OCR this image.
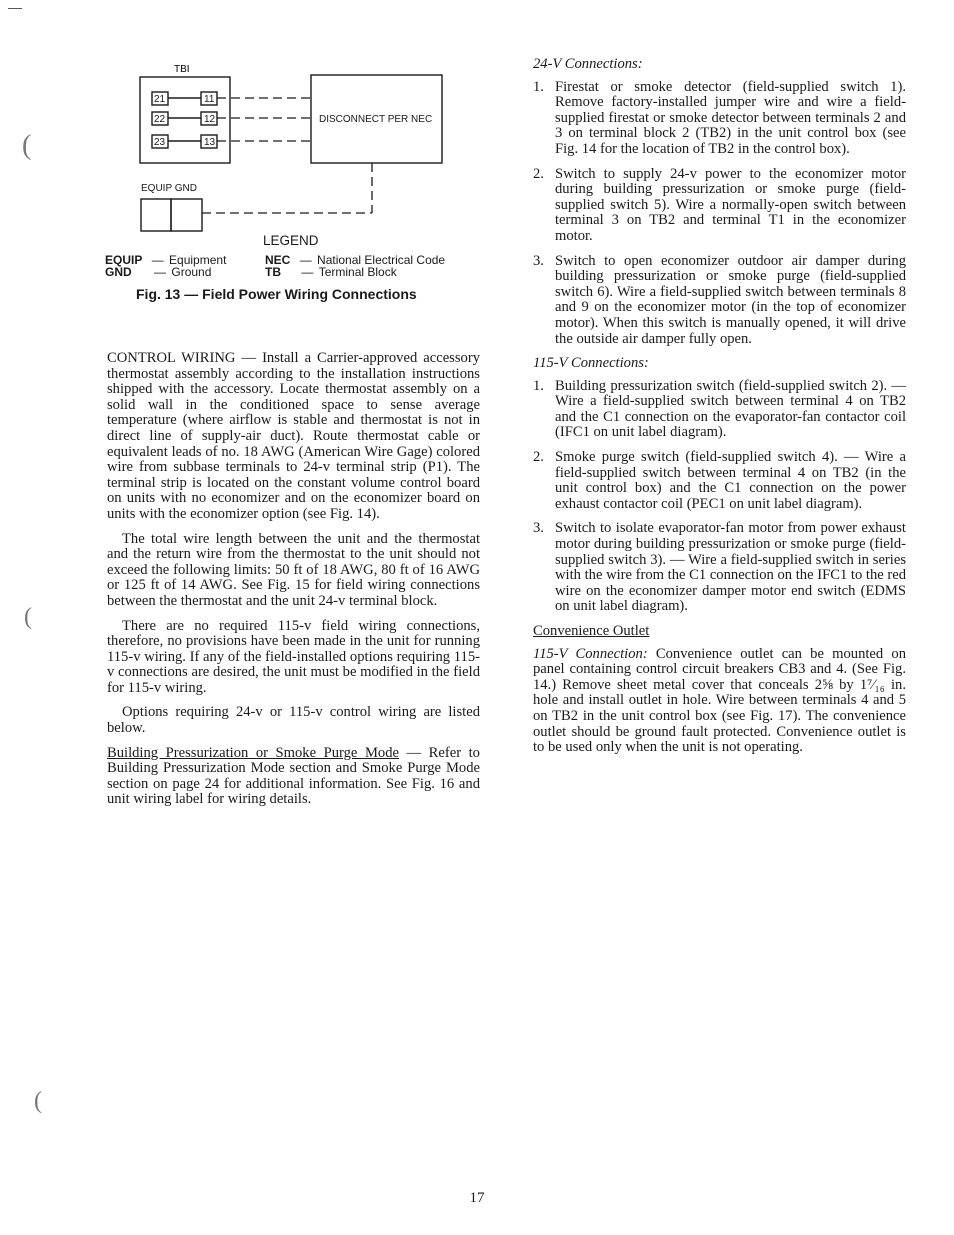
TBI
21
22
23
11
12
13
DISCONNECT PER NEC
EQUIP GND
LEGEND
EQUIP — Equipment
GND — Ground
NEC — National Electrical Code
TB — Terminal Block
Fig. 13 — Field Power Wiring Connections

CONTROL WIRING — Install a Carrier-approved accessory thermostat assembly according to the installation instructions shipped with the accessory. Locate thermostat assembly on a solid wall in the conditioned space to sense average temperature (where airflow is stable and thermostat is not in direct line of supply-air duct). Route thermostat cable or equivalent leads of no. 18 AWG (American Wire Gage) colored wire from subbase terminals to 24-v terminal strip (P1). The terminal strip is located on the constant volume control board on units with no economizer and on the economizer board on units with the economizer option (see Fig. 14).

The total wire length between the unit and the thermostat and the return wire from the thermostat to the unit should not exceed the following limits: 50 ft of 18 AWG, 80 ft of 16 AWG or 125 ft of 14 AWG. See Fig. 15 for field wiring connections between the thermostat and the unit 24-v terminal block.

There are no required 115-v field wiring connections, therefore, no provisions have been made in the unit for running 115-v wiring. If any of the field-installed options requiring 115-v connections are desired, the unit must be modified in the field for 115-v wiring.

Options requiring 24-v or 115-v control wiring are listed below.

Building Pressurization or Smoke Purge Mode — Refer to Building Pressurization Mode section and Smoke Purge Mode section on page 24 for additional information. See Fig. 16 and unit wiring label for wiring details.

24-V Connections:

1. Firestat or smoke detector (field-supplied switch 1). Remove factory-installed jumper wire and wire a field-supplied firestat or smoke detector between terminals 2 and 3 on terminal block 2 (TB2) in the unit control box (see Fig. 14 for the location of TB2 in the control box).
2. Switch to supply 24-v power to the economizer motor during building pressurization or smoke purge (field-supplied switch 5). Wire a normally-open switch between terminal 3 on TB2 and terminal T1 in the economizer motor.
3. Switch to open economizer outdoor air damper during building pressurization or smoke purge (field-supplied switch 6). Wire a field-supplied switch between terminals 8 and 9 on the economizer motor (in the top of economizer motor). When this switch is manually opened, it will drive the outside air damper fully open.

115-V Connections:

1. Building pressurization switch (field-supplied switch 2). — Wire a field-supplied switch between terminal 4 on TB2 and the C1 connection on the evaporator-fan contactor coil (IFC1 on unit label diagram).
2. Smoke purge switch (field-supplied switch 4). — Wire a field-supplied switch between terminal 4 on TB2 (in the unit control box) and the C1 connection on the power exhaust contactor coil (PEC1 on unit label diagram).
3. Switch to isolate evaporator-fan motor from power exhaust motor during building pressurization or smoke purge (field-supplied switch 3). — Wire a field-supplied switch in series with the wire from the C1 connection on the IFC1 to the red wire on the economizer damper motor end switch (EDMS on unit label diagram).

Convenience Outlet

115-V Connection: Convenience outlet can be mounted on panel containing control circuit breakers CB3 and 4. (See Fig. 14.) Remove sheet metal cover that conceals 2⅝ by 1⁷⁄₁₆ in. hole and install outlet in hole. Wire between terminals 4 and 5 on TB2 in the unit control box (see Fig. 17). The convenience outlet should be ground fault protected. Convenience outlet is to be used only when the unit is not operating.

(
(
(
17
